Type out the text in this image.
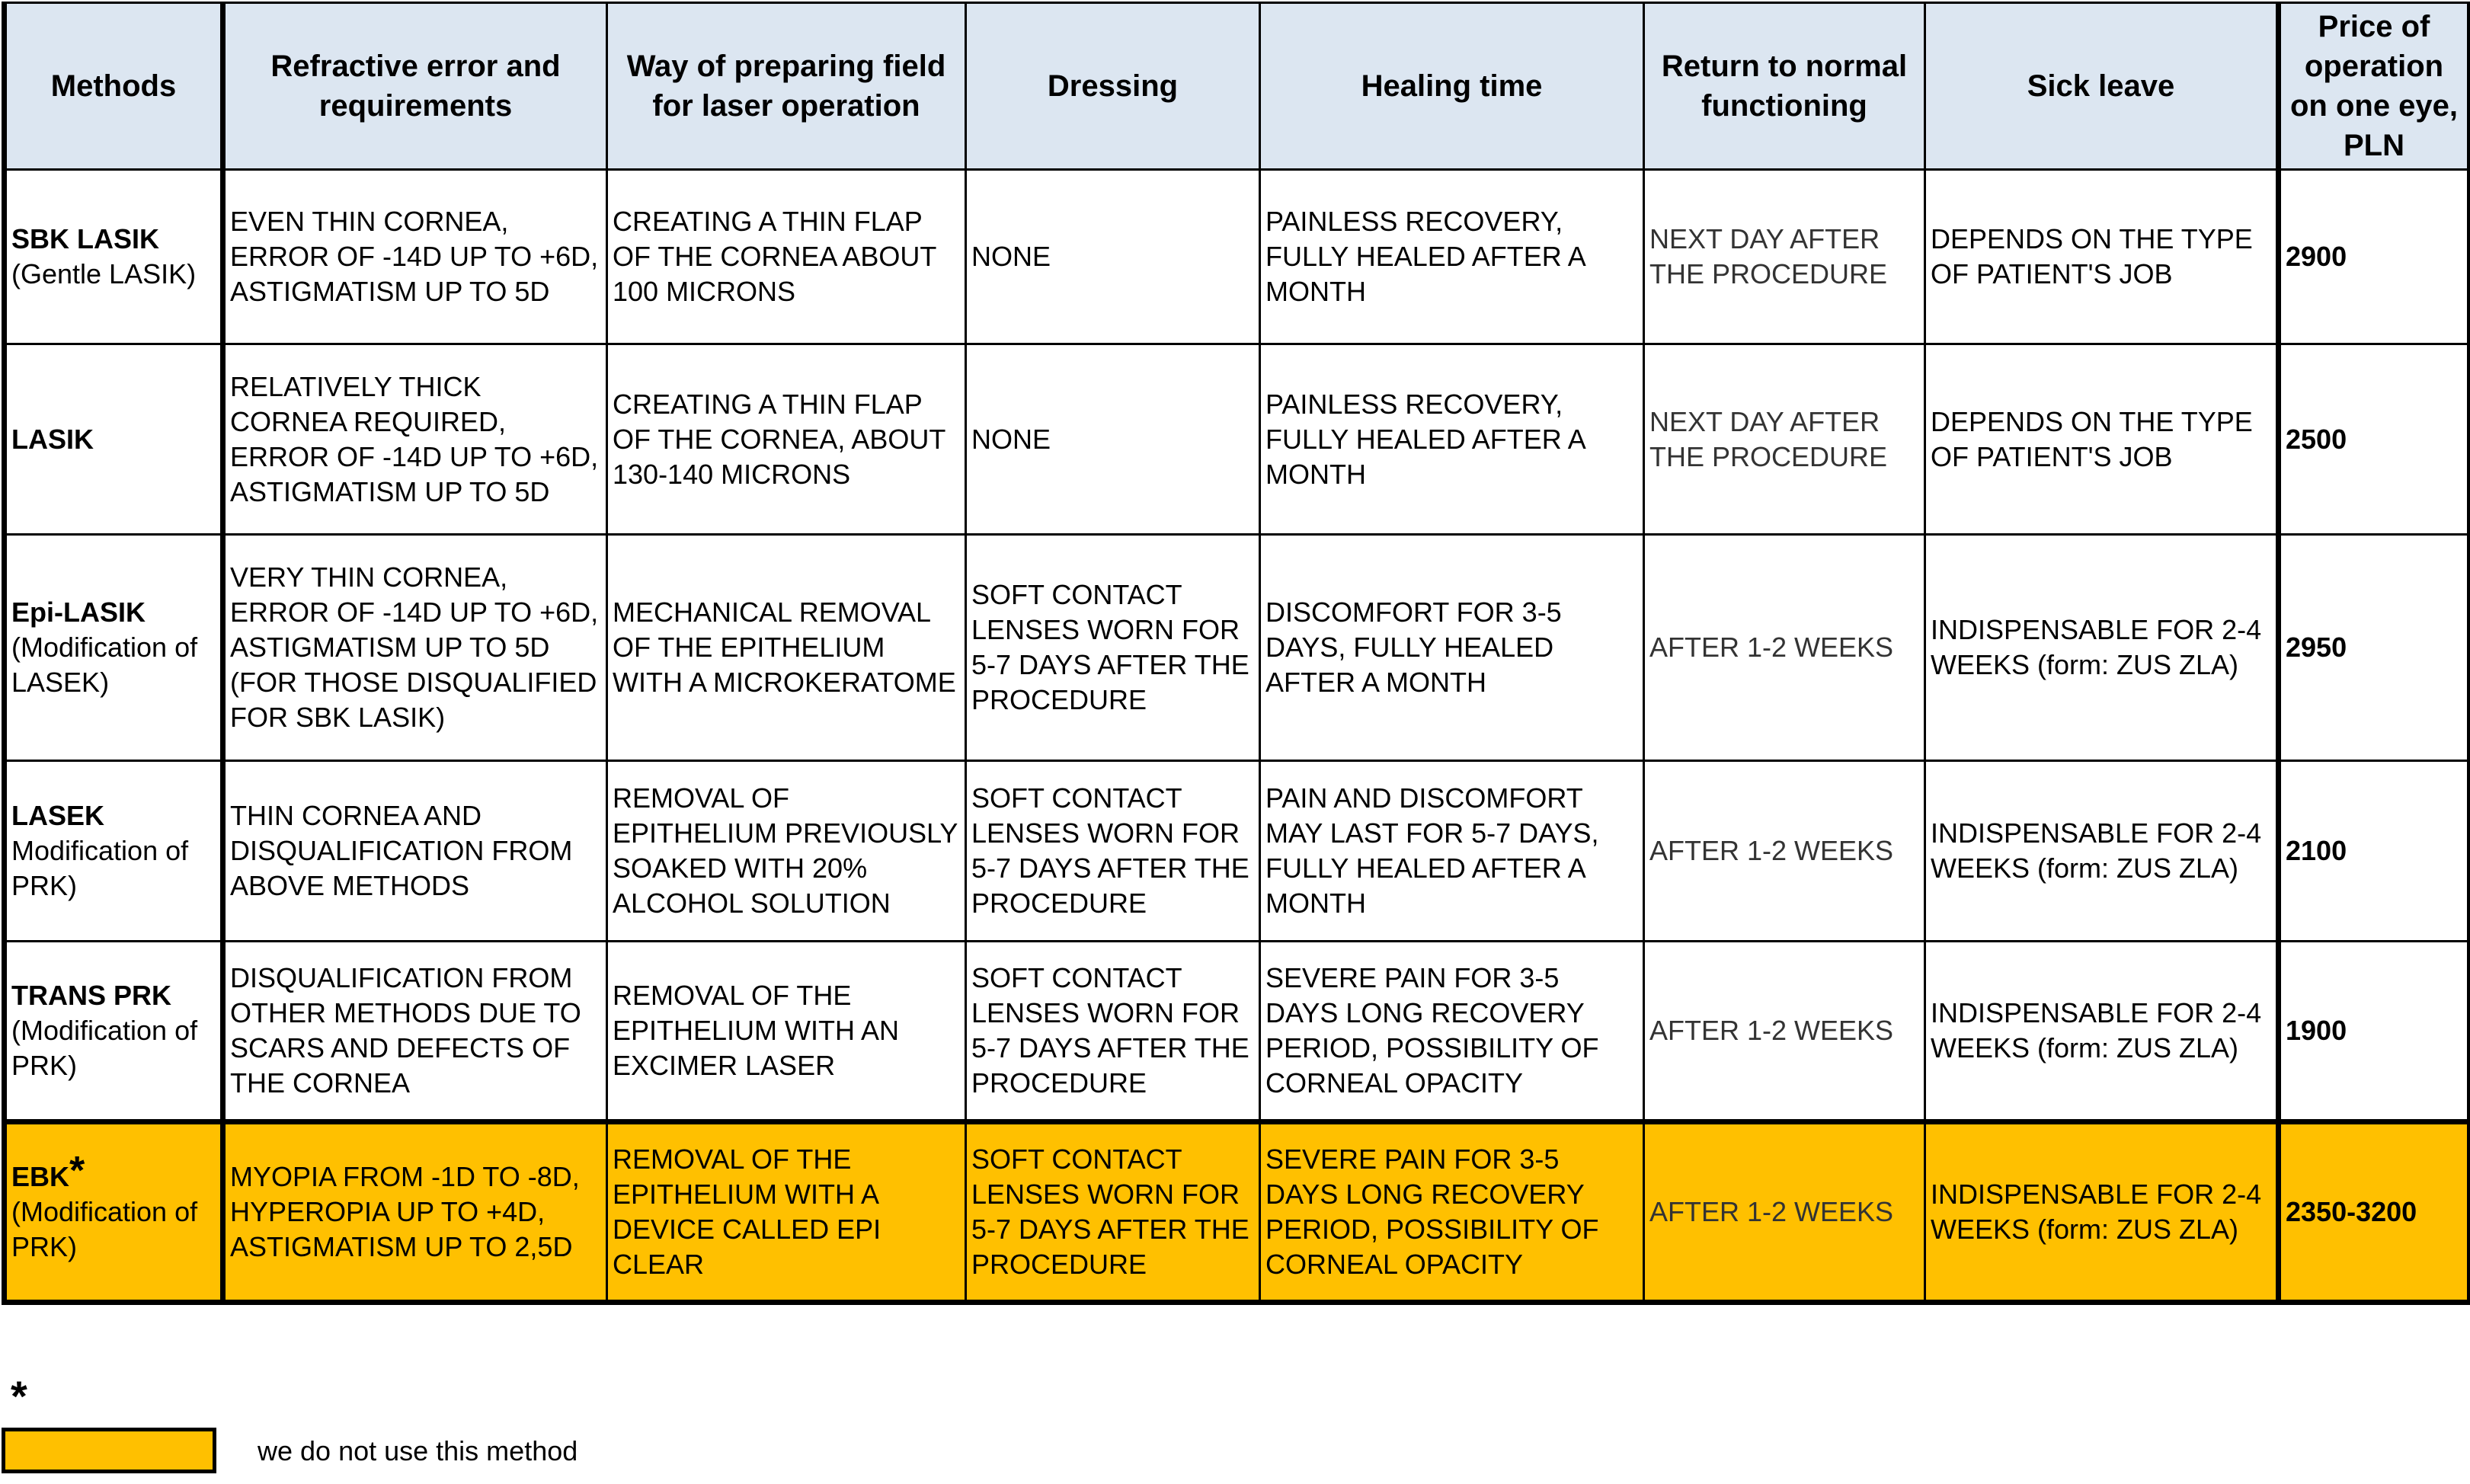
Methods	Refractive error and requirements	Way of preparing field for laser operation	Dressing	Healing time	Return to normal functioning	Sick leave	Price of operation on one eye, PLN
SBK LASIK
(Gentle LASIK)	EVEN THIN CORNEA, ERROR OF -14D UP TO +6D, ASTIGMATISM UP TO 5D	CREATING A THIN FLAP OF THE CORNEA ABOUT 100 MICRONS	NONE	PAINLESS RECOVERY, FULLY HEALED AFTER A MONTH	NEXT DAY AFTER THE PROCEDURE	DEPENDS ON THE TYPE OF PATIENT'S JOB	2900
LASIK	RELATIVELY THICK CORNEA REQUIRED, ERROR OF -14D UP TO +6D, ASTIGMATISM UP TO 5D	CREATING A THIN FLAP OF THE CORNEA, ABOUT 130-140 MICRONS	NONE	PAINLESS RECOVERY, FULLY HEALED AFTER A MONTH	NEXT DAY AFTER THE PROCEDURE	DEPENDS ON THE TYPE OF PATIENT'S JOB	2500
Epi-LASIK
(Modification of LASEK)	VERY THIN CORNEA, ERROR OF -14D UP TO +6D, ASTIGMATISM UP TO 5D (FOR THOSE DISQUALIFIED FOR SBK LASIK)	MECHANICAL REMOVAL OF THE EPITHELIUM WITH A MICROKERATOME	SOFT CONTACT LENSES WORN FOR 5-7 DAYS AFTER THE PROCEDURE	DISCOMFORT FOR 3-5 DAYS, FULLY HEALED AFTER A MONTH	AFTER 1-2 WEEKS	INDISPENSABLE FOR 2-4 WEEKS (form: ZUS ZLA)	2950
LASEK
Modification of PRK)	THIN CORNEA AND DISQUALIFICATION FROM ABOVE METHODS	REMOVAL OF EPITHELIUM PREVIOUSLY SOAKED WITH 20% ALCOHOL SOLUTION	SOFT CONTACT LENSES WORN FOR 5-7 DAYS AFTER THE PROCEDURE	PAIN AND DISCOMFORT MAY LAST FOR 5-7 DAYS, FULLY HEALED AFTER A MONTH	AFTER 1-2 WEEKS	INDISPENSABLE FOR 2-4 WEEKS (form: ZUS ZLA)	2100
TRANS PRK
(Modification of PRK)	DISQUALIFICATION FROM OTHER METHODS DUE TO SCARS AND DEFECTS OF THE CORNEA	REMOVAL OF THE EPITHELIUM WITH AN EXCIMER LASER	SOFT CONTACT LENSES WORN FOR 5-7 DAYS AFTER THE PROCEDURE	SEVERE PAIN FOR 3-5 DAYS LONG RECOVERY PERIOD, POSSIBILITY OF CORNEAL OPACITY	AFTER 1-2 WEEKS	INDISPENSABLE FOR 2-4 WEEKS (form: ZUS ZLA)	1900
EBK*
(Modification of PRK)	MYOPIA FROM -1D TO -8D, HYPEROPIA UP TO +4D, ASTIGMATISM UP TO 2,5D	REMOVAL OF THE EPITHELIUM WITH A DEVICE CALLED EPI CLEAR	SOFT CONTACT LENSES WORN FOR 5-7 DAYS AFTER THE PROCEDURE	SEVERE PAIN FOR 3-5 DAYS LONG RECOVERY PERIOD, POSSIBILITY OF CORNEAL OPACITY	AFTER 1-2 WEEKS	INDISPENSABLE FOR 2-4 WEEKS (form: ZUS ZLA)	2350-3200
*
we do not use this method
